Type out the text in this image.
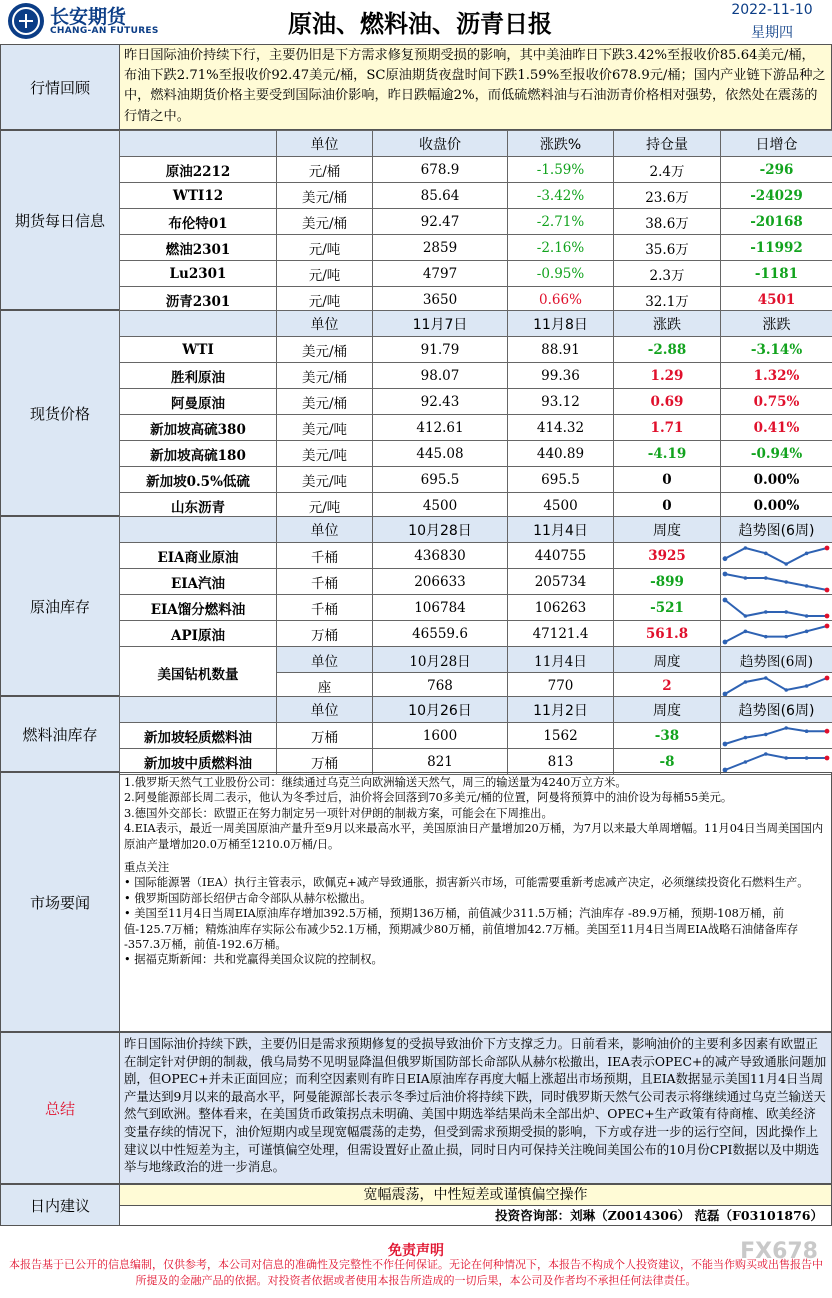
长安期货
CHANG-AN FUTURES	原油、燃料油、沥青日报	2022-11-10
星期四
行情回顾
昨日国际油价持续下行，主要仍旧是下方需求修复预期受损的影响，其中美油昨日下跌3.42%至报收价85.64美元/桶，布油下跌2.71%至报收价92.47美元/桶，SC原油期货夜盘时间下跌1.59%至报收价678.9元/桶；国内产业链下游品种之中，燃料油期货价格主要受到国际油价影响，昨日跌幅逾2%，而低硫燃料油与石油沥青价格相对强势，依然处在震荡的行情之中。
期货每日信息
	单位	收盘价	涨跌%	持仓量	日增仓
原油2212	元/桶	678.9	-1.59%	2.4万	-296
WTI12	美元/桶	85.64	-3.42%	23.6万	-24029
布伦特01	美元/桶	92.47	-2.71%	38.6万	-20168
燃油2301	元/吨	2859	-2.16%	35.6万	-11992
Lu2301	元/吨	4797	-0.95%	2.3万	-1181
沥青2301	元/吨	3650	0.66%	32.1万	4501
现货价格
	单位	11月7日	11月8日	涨跌	涨跌
WTI	美元/桶	91.79	88.91	-2.88	-3.14%
胜利原油	美元/桶	98.07	99.36	1.29	1.32%
阿曼原油	美元/桶	92.43	93.12	0.69	0.75%
新加坡高硫380	美元/吨	412.61	414.32	1.71	0.41%
新加坡高硫180	美元/吨	445.08	440.89	-4.19	-0.94%
新加坡0.5%低硫	美元/吨	695.5	695.5	0	0.00%
山东沥青	元/吨	4500	4500	0	0.00%
原油库存
	单位	10月28日	11月4日	周度	趋势图(6周)
EIA商业原油	千桶	436830	440755	3925	

EIA汽油	千桶	206633	205734	-899	

EIA馏分燃料油	千桶	106784	106263	-521	

API原油	万桶	46559.6	47121.4	561.8	

美国钻机数量	单位	10月28日	11月4日	周度	趋势图(6周)
	座	768	770	2	
燃料油库存
	单位	10月26日	11月2日	周度	趋势图(6周)
新加坡轻质燃料油	万桶	1600	1562	-38	

新加坡中质燃料油	万桶	821	813	-8	
市场要闻

1.俄罗斯天然气工业股份公司：继续通过乌克兰向欧洲输送天然气，周三的输送量为4240万立方米。

2.阿曼能源部长周二表示，他认为冬季过后，油价将会回落到70多美元/桶的位置，阿曼将预算中的油价设为每桶55美元。

3.德国外交部长：欧盟正在努力制定另一项针对伊朗的制裁方案，可能会在下周推出。

4.EIA表示，最近一周美国原油产量升至9月以来最高水平，美国原油日产量增加20万桶，为7月以来最大单周增幅。11月04日当周美国国内原油产量增加20.0万桶至1210.0万桶/日。

重点关注

• 国际能源署（IEA）执行主管表示，欧佩克+减产导致通胀，损害新兴市场，可能需要重新考虑减产决定，必须继续投资化石燃料生产。

• 俄罗斯国防部长绍伊古命令部队从赫尔松撤出。

• 美国至11月4日当周EIA原油库存增加392.5万桶，预期136万桶，前值减少311.5万桶；汽油库存 -89.9万桶，预期-108万桶，前值-125.7万桶；精炼油库存实际公布减少52.1万桶，预期减少80万桶，前值增加42.7万桶。美国至11月4日当周EIA战略石油储备库存 -357.3万桶，前值-192.6万桶。

• 据福克斯新闻：共和党赢得美国众议院的控制权。

总结
昨日国际油价持续下跌，主要仍旧是需求预期修复的受损导致油价下方支撑乏力。日前看来，影响油价的主要利多因素有欧盟正在制定针对伊朗的制裁，俄乌局势不见明显降温但俄罗斯国防部长命部队从赫尔松撤出，IEA表示OPEC+的减产导致通胀问题加剧，但OPEC+并未正面回应；而利空因素则有昨日EIA原油库存再度大幅上涨超出市场预期，且EIA数据显示美国11月4日当周产量达到9月以来的最高水平，阿曼能源部长表示冬季过后油价将持续下跌，同时俄罗斯天然气公司表示将继续通过乌克兰输送天然气到欧洲。整体看来，在美国货币政策拐点未明确、美国中期选举结果尚未全部出炉、OPEC+生产政策有待商榷、欧美经济变量存续的情况下，油价短期内或呈现宽幅震荡的走势，但受到需求预期受损的影响，下方或存进一步的运行空间，因此操作上建议以中性短差为主，可谨慎偏空处理，但需设置好止盈止损，同时日内可保持关注晚间美国公布的10月份CPI数据以及中期选举与地缘政治的进一步消息。
日内建议
宽幅震荡，中性短差或谨慎偏空操作
投资咨询部：刘琳（Z0014306） 范磊（F03101876）
免责声明
本报告基于已公开的信息编制，仅供参考，本公司对信息的准确性及完整性不作任何保证。无论在何种情况下，本报告不构成个人投资建议，不能当作购买或出售报告中所提及的金融产品的依据。对投资者依据或者使用本报告所造成的一切后果，本公司及作者均不承担任何法律责任。
FX678
